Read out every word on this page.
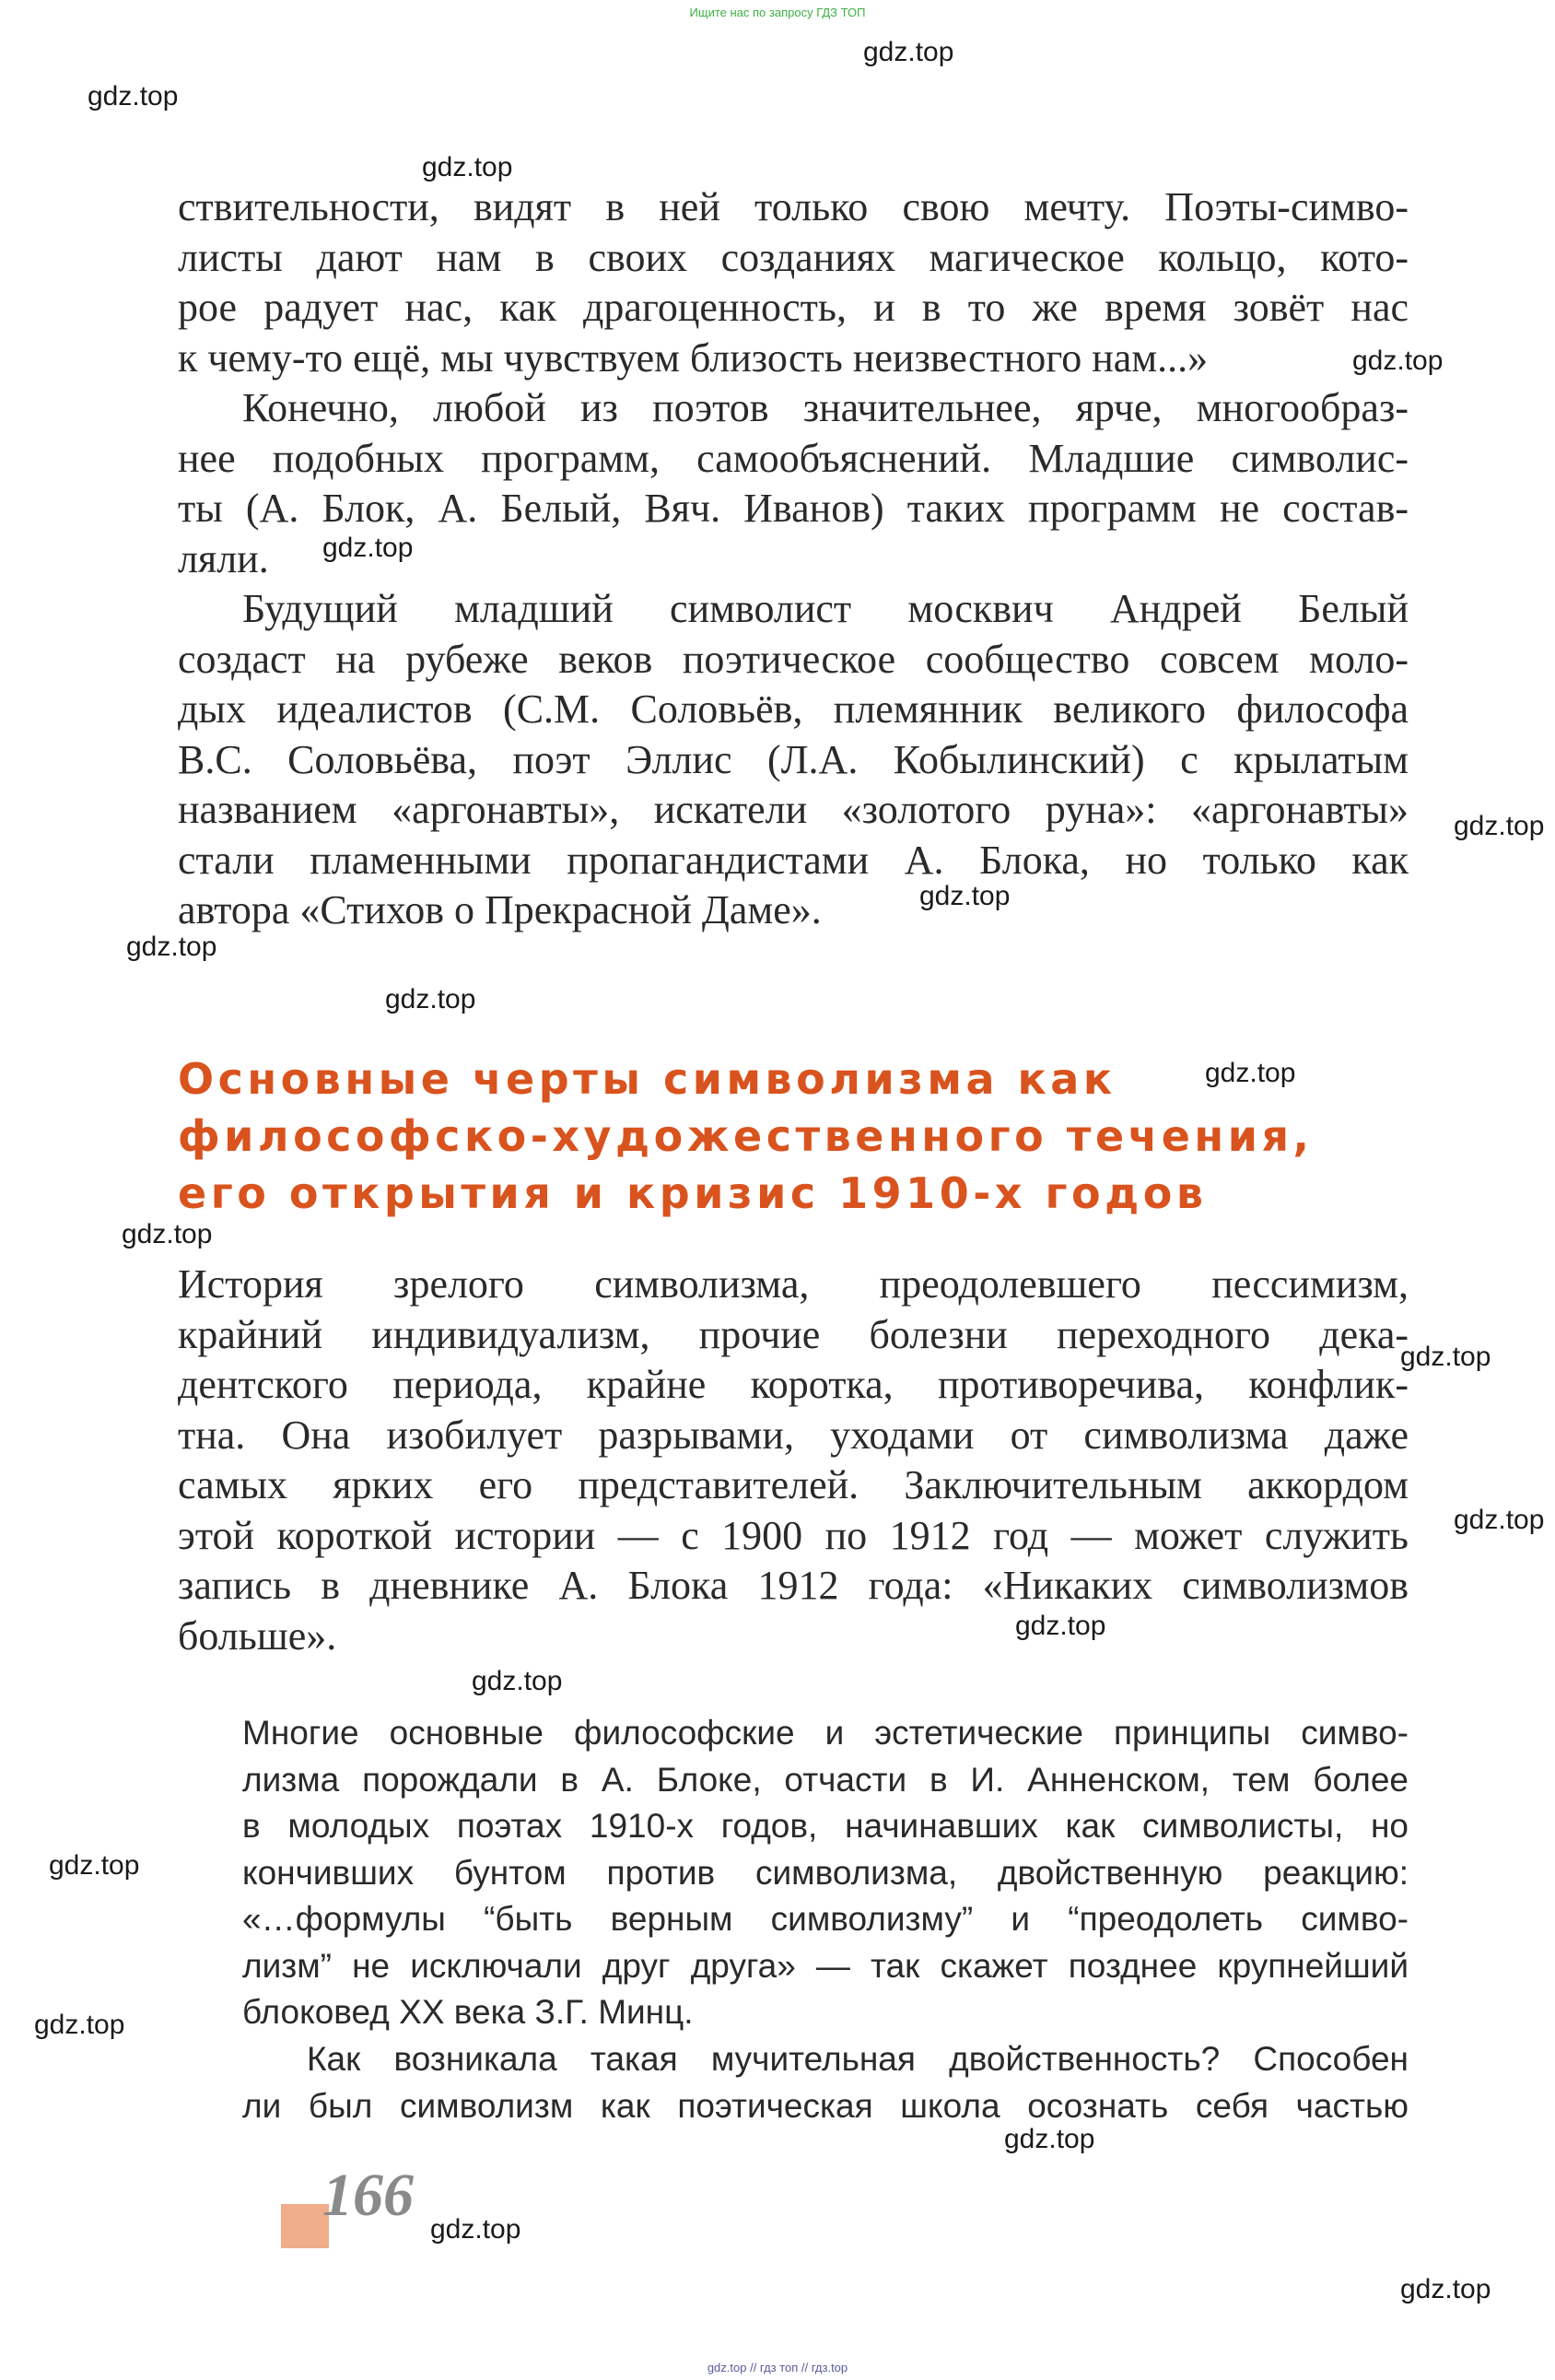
Ищите нас по запросу ГДЗ ТОП
gdz.top
gdz.top
gdz.top
gdz.top
gdz.top
gdz.top
gdz.top
gdz.top
gdz.top
gdz.top
gdz.top
gdz.top
gdz.top
gdz.top
gdz.top
gdz.top
gdz.top
gdz.top
gdz.top
gdz.top
ствительности, видят в ней только свою мечту. Поэты-симво-
листы дают нам в своих созданиях магическое кольцо, кото-
рое радует нас, как драгоценность, и в то же время зовёт нас
к чему-то ещё, мы чувствуем близость неизвестного нам...»
Конечно, любой из поэтов значительнее, ярче, многообраз-
нее подобных программ, самообъяснений. Младшие символис-
ты (А. Блок, А. Белый, Вяч. Иванов) таких программ не состав-
ляли.
Будущий младший символист москвич Андрей Белый
создаст на рубеже веков поэтическое сообщество совсем моло-
дых идеалистов (С.М. Соловьёв, племянник великого философа
В.С. Соловьёва, поэт Эллис (Л.А. Кобылинский) с крылатым
названием «аргонавты», искатели «золотого руна»: «аргонавты»
стали пламенными пропагандистами А. Блока, но только как
автора «Стихов о Прекрасной Даме».
Основные черты символизма как
философско-художественного течения,
его открытия и кризис 1910-х годов
История зрелого символизма, преодолевшего пессимизм,
крайний индивидуализм, прочие болезни переходного дека-
дентского периода, крайне коротка, противоречива, конфлик-
тна. Она изобилует разрывами, уходами от символизма даже
самых ярких его представителей. Заключительным аккордом
этой короткой истории — с 1900 по 1912 год — может служить
запись в дневнике А. Блока 1912 года: «Никаких символизмов
больше».
Многие основные философские и эстетические принципы симво-
лизма порождали в А. Блоке, отчасти в И. Анненском, тем более
в молодых поэтах 1910-х годов, начинавших как символисты, но
кончивших бунтом против символизма, двойственную реакцию:
«…формулы “быть верным символизму” и “преодолеть симво-
лизм” не исключали друг друга» — так скажет позднее крупнейший
блоковед XX века З.Г. Минц.
Как возникала такая мучительная двойственность? Способен
ли был символизм как поэтическая школа осознать себя частью
166
gdz.top // гдз топ // гдз.top
